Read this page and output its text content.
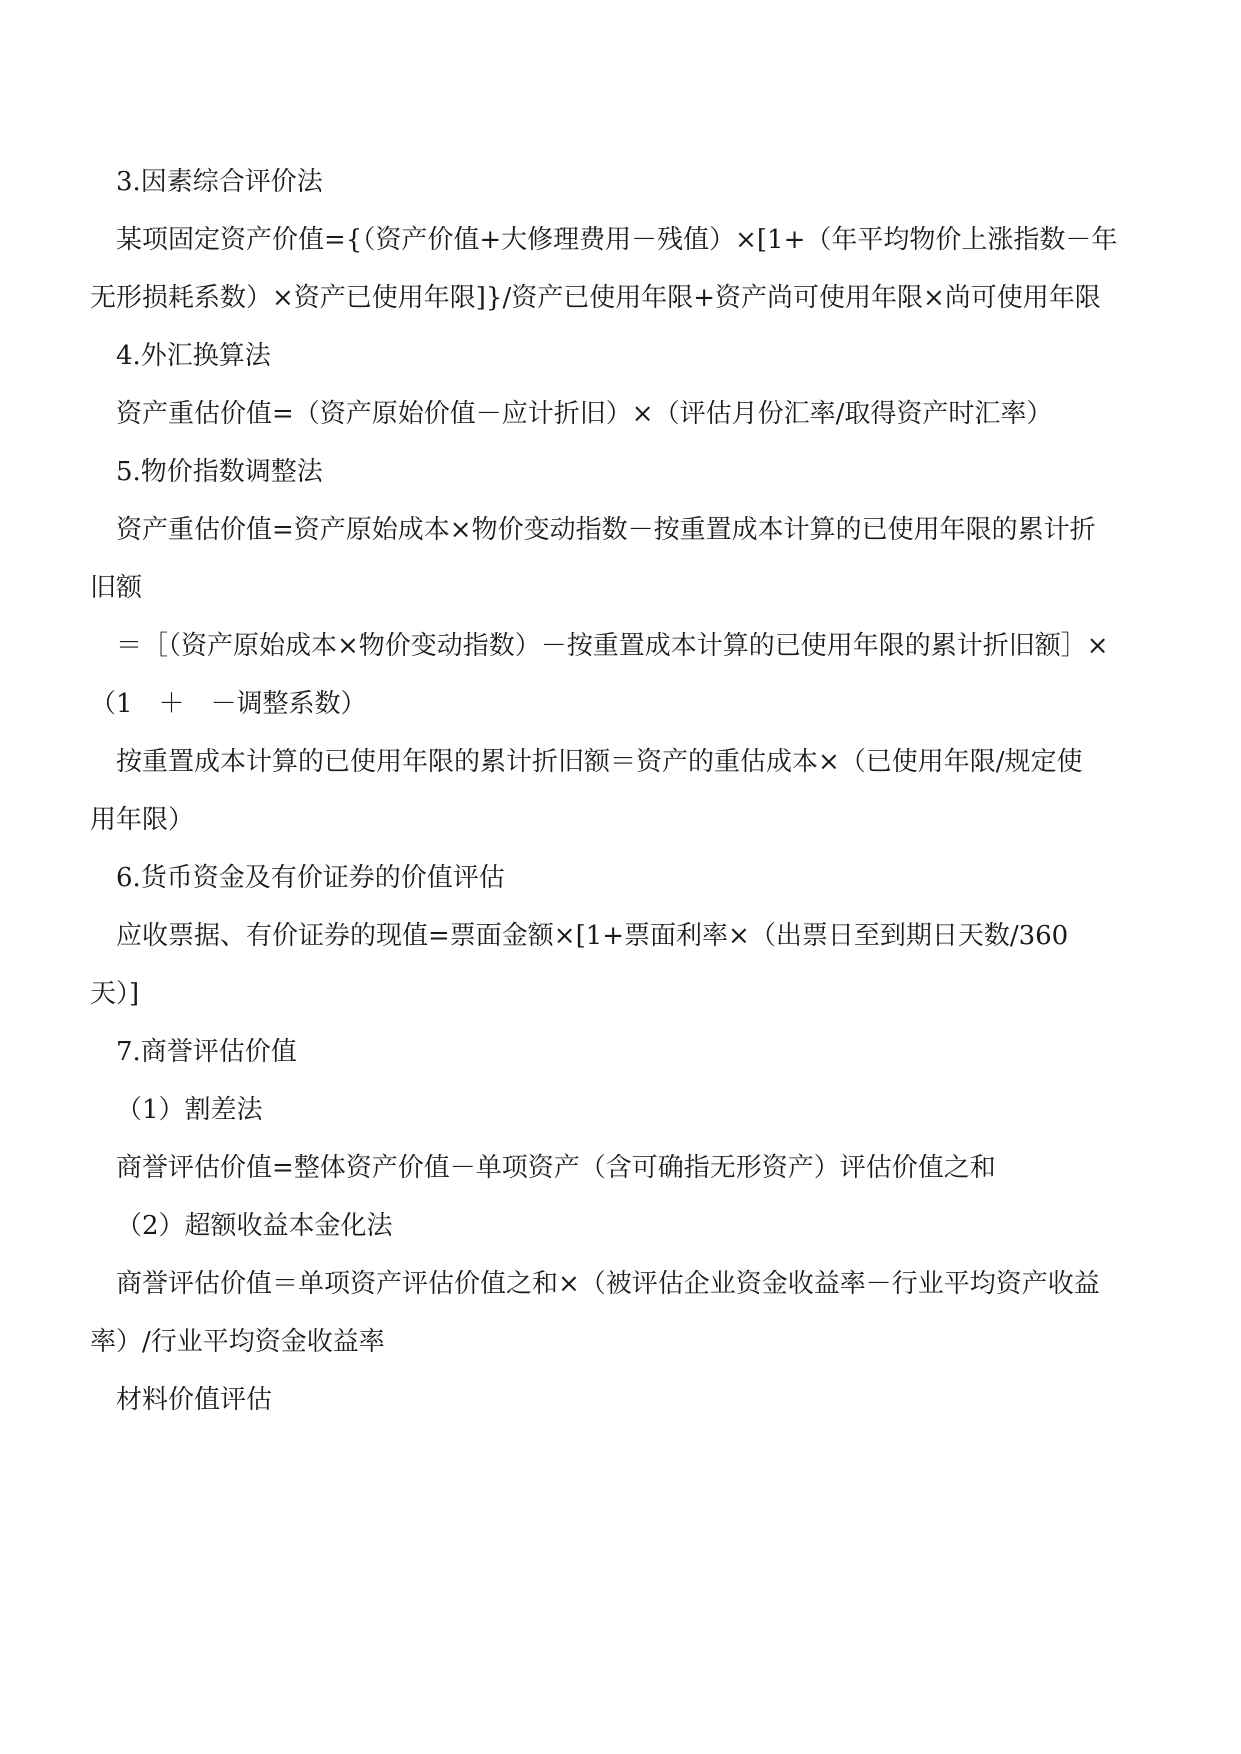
3.因素综合评价法
某项固定资产价值={（资产价值+大修理费用－残值）×[1+（年平均物价上涨指数－年
无形损耗系数）×资产已使用年限]}/资产已使用年限+资产尚可使用年限×尚可使用年限
4.外汇换算法
资产重估价值=（资产原始价值－应计折旧）×（评估月份汇率/取得资产时汇率）
5.物价指数调整法
资产重估价值=资产原始成本×物价变动指数－按重置成本计算的已使用年限的累计折
旧额
＝［（资产原始成本×物价变动指数）－按重置成本计算的已使用年限的累计折旧额］×
（1　＋　－调整系数）
按重置成本计算的已使用年限的累计折旧额＝资产的重估成本×（已使用年限/规定使
用年限）
6.货币资金及有价证券的价值评估
应收票据、有价证券的现值=票面金额×[1+票面利率×（出票日至到期日天数/360
天）]
7.商誉评估价值
（1）割差法
商誉评估价值=整体资产价值－单项资产（含可确指无形资产）评估价值之和
（2）超额收益本金化法
商誉评估价值＝单项资产评估价值之和×（被评估企业资金收益率－行业平均资产收益
率）/行业平均资金收益率
材料价值评估
